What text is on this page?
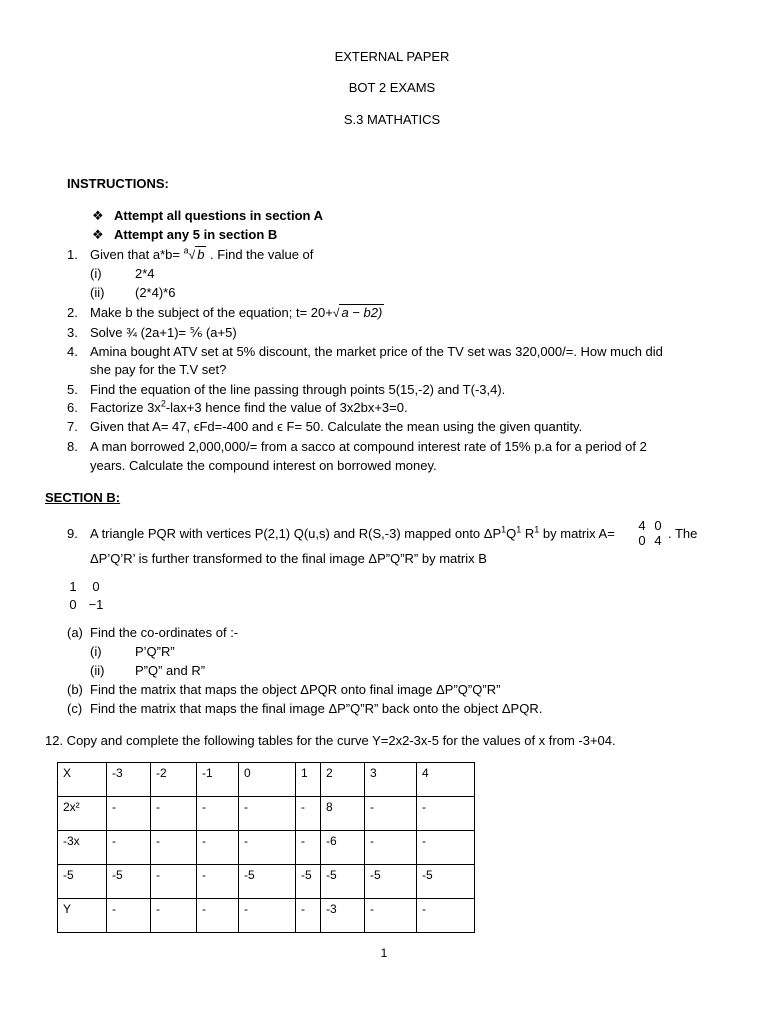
EXTERNAL PAPER
BOT 2 EXAMS
S.3 MATHATICS
INSTRUCTIONS:
❖ Attempt all questions in section A
❖ Attempt any 5 in section B
1. Given that a*b= $^a$√ b . Find the value of
(i)	2*4
(ii) (2*4)*6
2. Make b the subject of the equation; t= 20+√ a − b2)
3. Solve ¾ (2a+1)= ⅚ (a+5)
4. Amina bought ATV set at 5% discount, the market price of the TV set was 320,000/=. How much did
she pay for the T.V set?
5. Find the equation of the line passing through points 5(15,-2) and T(-3,4).
6. Factorize $3x^2-lax+3$ hence find the value of 3x2bx+3=0.
7. Given that A= 47, ϵFd=-400 and ϵ F= 50. Calculate the mean using the given quantity.
8. A man borrowed 2,000,000/= from a sacco at compound interest rate of 15% p.a for a period of 2
years. Calculate the compound interest on borrowed money.
SECTION B:
9. A triangle PQR with vertices P(2,1) Q(u,s) and R(S,-3) mapped onto $\Delta P^1Q^1$ $R^1$ by matrix A=
4 0
0 4 . The
ΔP’Q’R’ is further transformed to the final image ΔP”Q”R” by matrix B
1	0
0 −1
(a) Find the co-ordinates of :-
(i)	P’Q”R”
(ii) P”Q” and R”
(b) Find the matrix that maps the object ΔPQR onto final image ΔP”Q”Q”R”
(c) Find the matrix that maps the final image ΔP”Q”R” back onto the object ΔPQR.
12. Copy and complete the following tables for the curve Y=2x2-3x-5 for the values of x from -3+04.
X	-3	-2	-1	0	1	2	3	4
2x²	-	-	-	-	-	8	-	-
-3x	-	-	-	-	-	-6	-	-
-5	-5	-	-	-5	-5	-5	-5	-5
Y	-	-	-	-	-	-3	-	-
1
